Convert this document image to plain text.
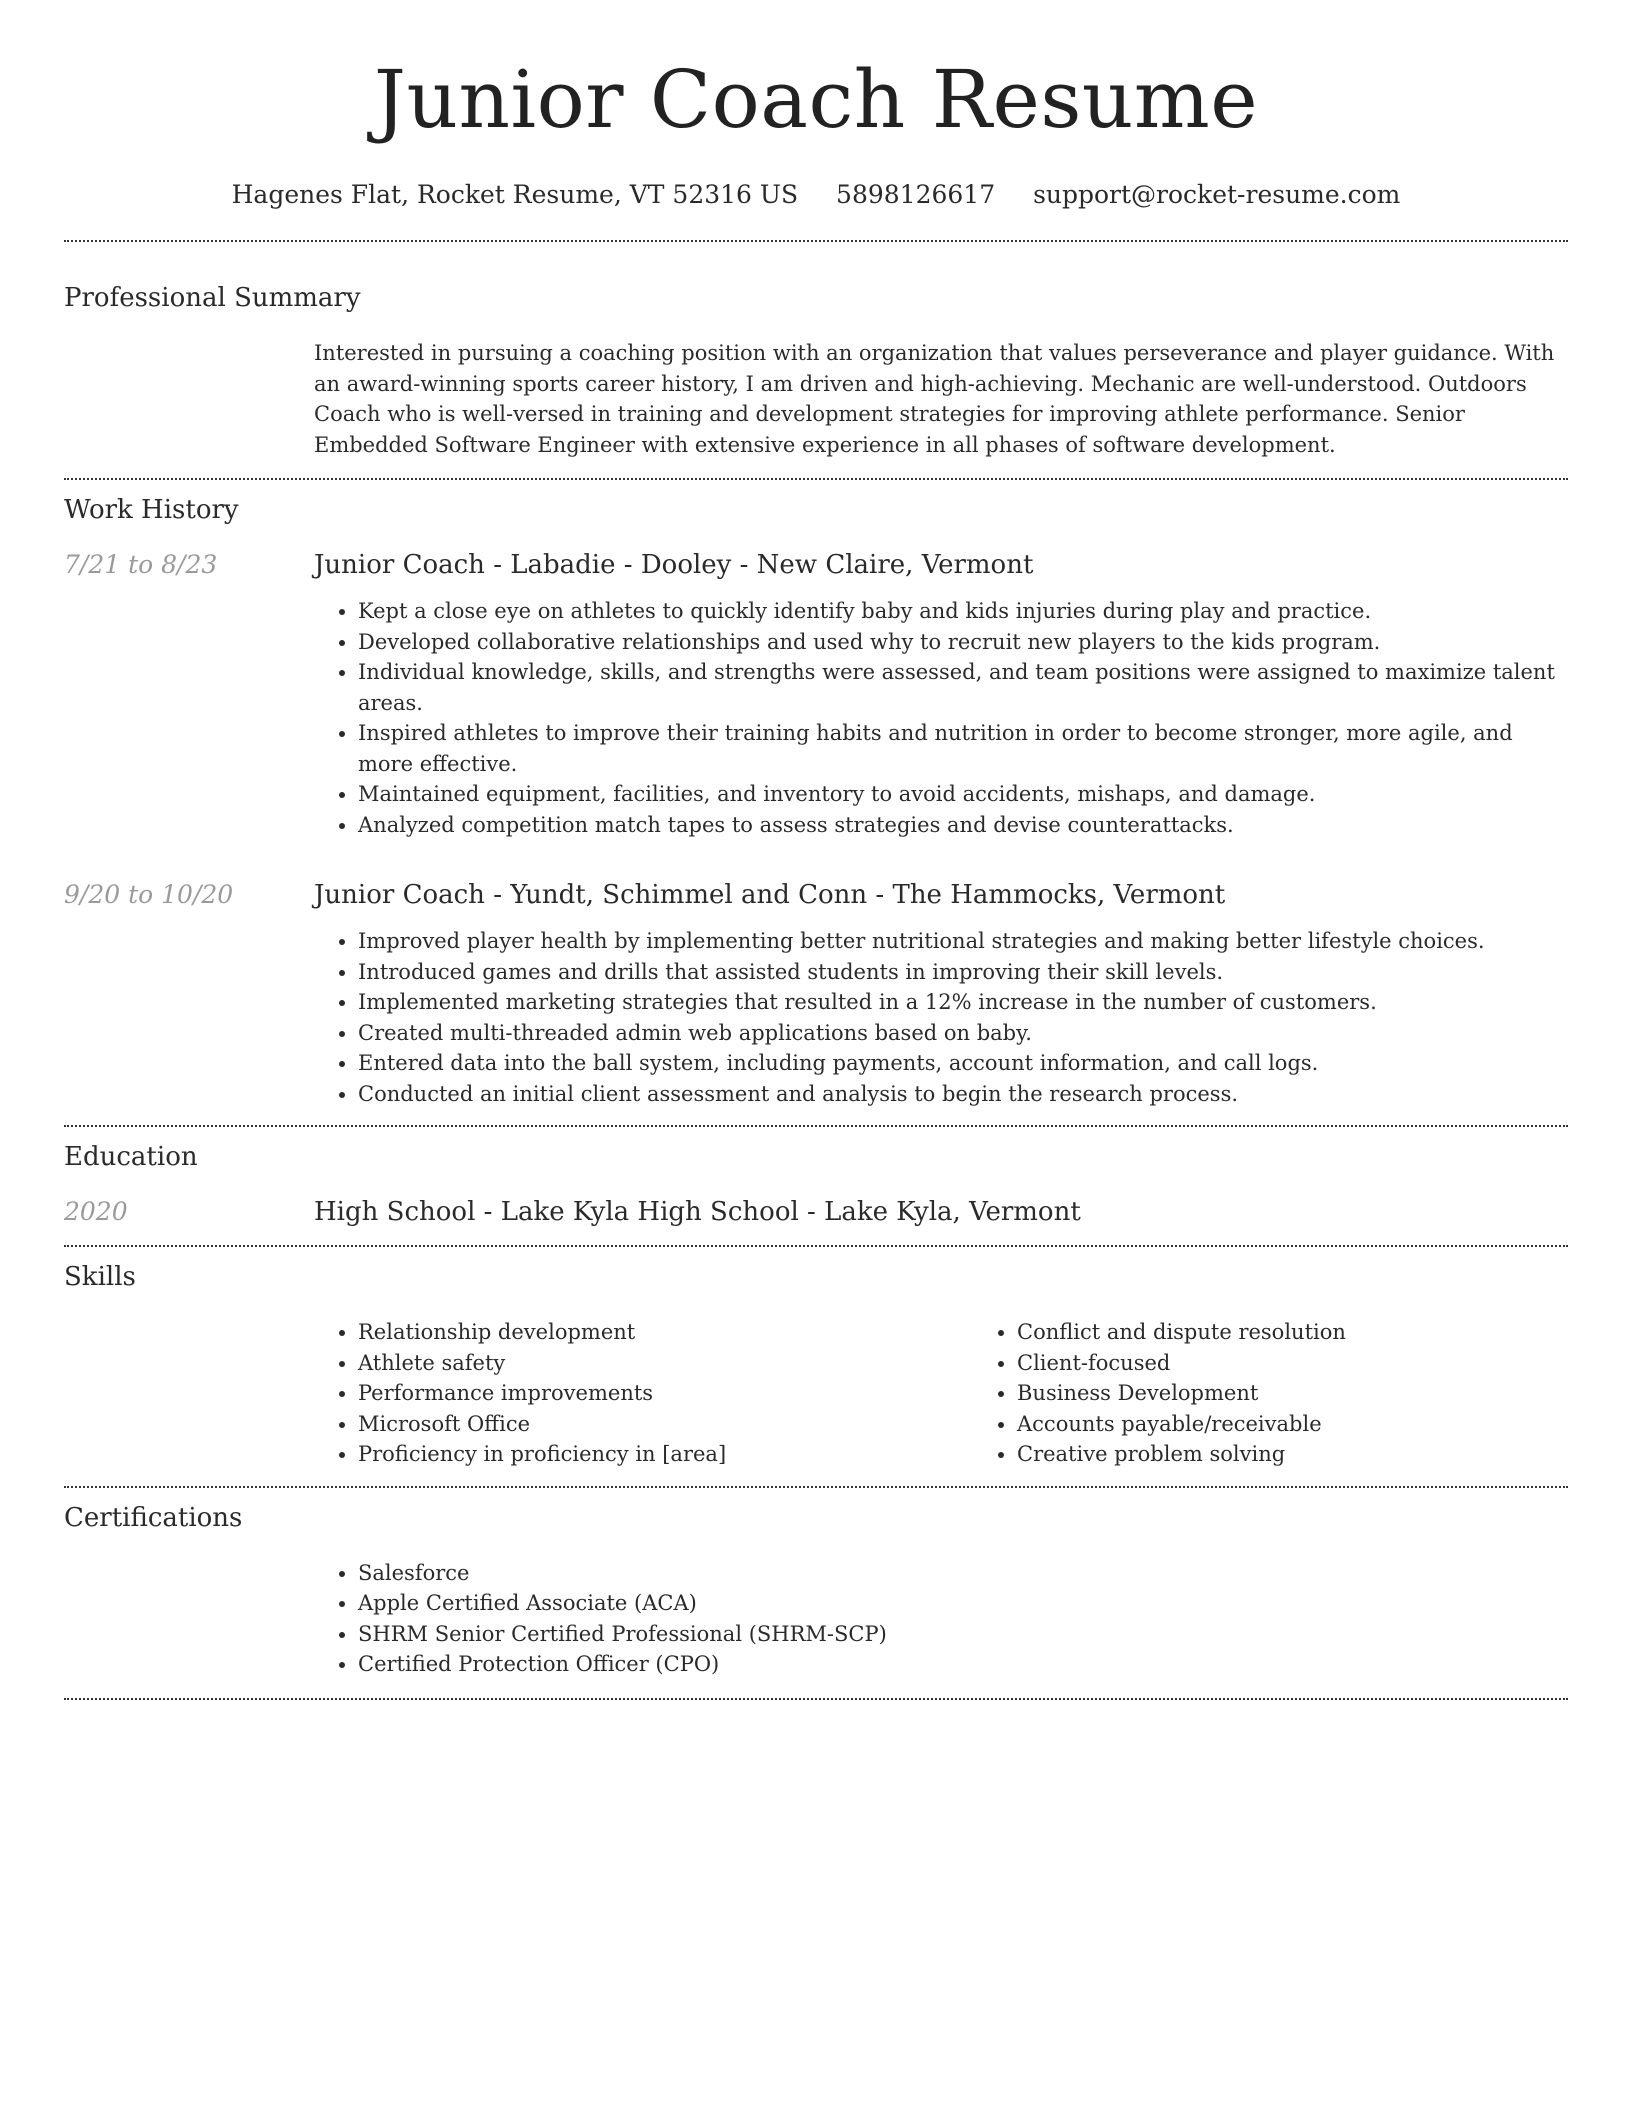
Junior Coach Resume
Hagenes Flat, Rocket Resume, VT 52316 US 5898126617 support@rocket-resume.com
Professional Summary

Interested in pursuing a coaching position with an organization that values perseverance and player guidance. With an award-winning sports career history, I am driven and high-achieving. Mechanic are well-understood. Outdoors Coach who is well-versed in training and development strategies for improving athlete performance. Senior Embedded Software Engineer with extensive experience in all phases of software development.

Work History
7/21 to 8/23	Junior Coach - Labadie - Dooley - New Claire, Vermont
• Kept a close eye on athletes to quickly identify baby and kids injuries during play and practice.
• Developed collaborative relationships and used why to recruit new players to the kids program.
• Individual knowledge, skills, and strengths were assessed, and team positions were assigned to maximize talent areas.
• Inspired athletes to improve their training habits and nutrition in order to become stronger, more agile, and more effective.
• Maintained equipment, facilities, and inventory to avoid accidents, mishaps, and damage.
• Analyzed competition match tapes to assess strategies and devise counterattacks.
9/20 to 10/20	Junior Coach - Yundt, Schimmel and Conn - The Hammocks, Vermont
• Improved player health by implementing better nutritional strategies and making better lifestyle choices.
• Introduced games and drills that assisted students in improving their skill levels.
• Implemented marketing strategies that resulted in a 12% increase in the number of customers.
• Created multi-threaded admin web applications based on baby.
• Entered data into the ball system, including payments, account information, and call logs.
• Conducted an initial client assessment and analysis to begin the research process.
Education
2020	High School - Lake Kyla High School - Lake Kyla, Vermont
Skills
• Relationship development
• Athlete safety
• Performance improvements
• Microsoft Office
• Proficiency in proficiency in [area]
• Conflict and dispute resolution
• Client-focused
• Business Development
• Accounts payable/receivable
• Creative problem solving
Certifications
• Salesforce
• Apple Certified Associate (ACA)
• SHRM Senior Certified Professional (SHRM-SCP)
• Certified Protection Officer (CPO)
